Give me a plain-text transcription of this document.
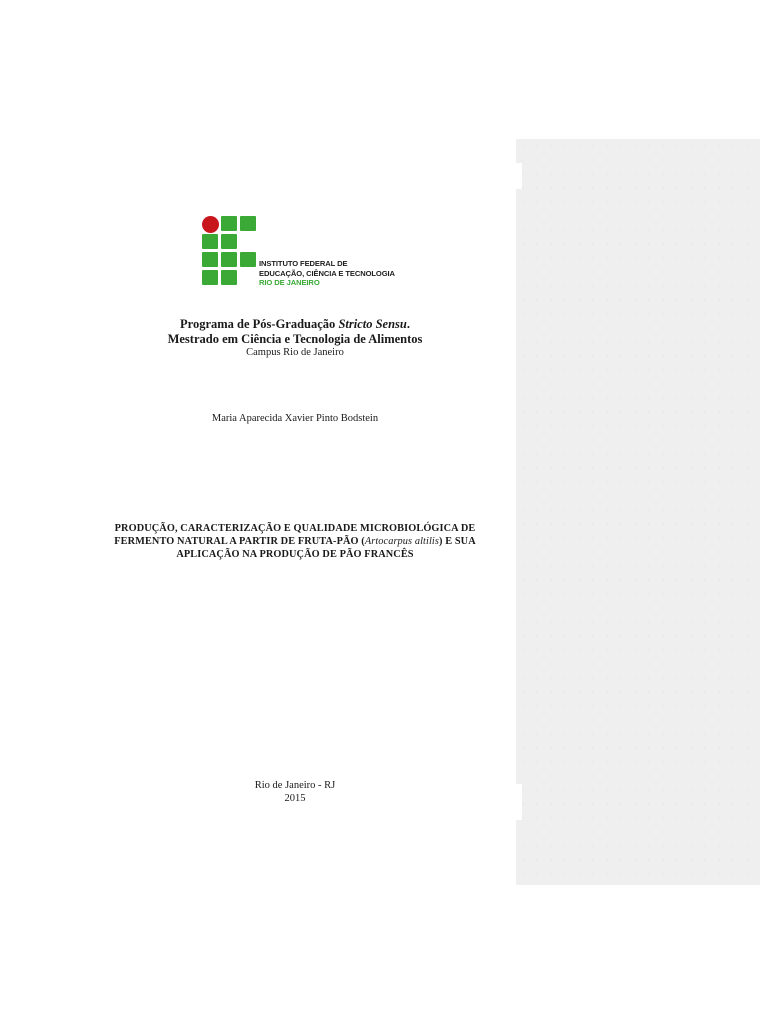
INSTITUTO FEDERAL DE
EDUCAÇÃO, CIÊNCIA E TECNOLOGIA
RIO DE JANEIRO
Programa de Pós-Graduação Stricto Sensu.
Mestrado em Ciência e Tecnologia de Alimentos
Campus Rio de Janeiro
Maria Aparecida Xavier Pinto Bodstein
PRODUÇÃO, CARACTERIZAÇÃO E QUALIDADE MICROBIOLÓGICA DE
FERMENTO NATURAL A PARTIR DE FRUTA-PÃO (Artocarpus altilis) E SUA
APLICAÇÃO NA PRODUÇÃO DE PÃO FRANCÊS
Rio de Janeiro - RJ
2015
